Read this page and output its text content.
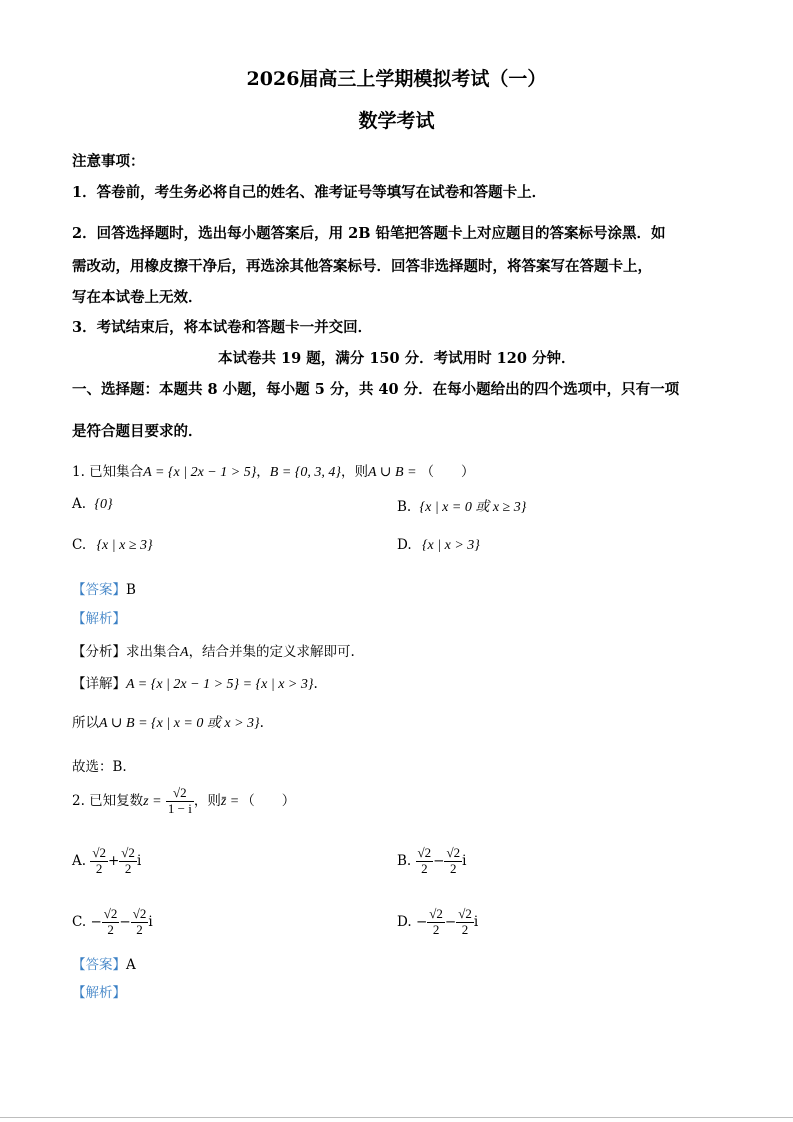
2026届高三上学期模拟考试（一）
数学考试
注意事项：
1．答卷前，考生务必将自己的姓名、准考证号等填写在试卷和答题卡上．
2．回答选择题时，选出每小题答案后，用 2B 铅笔把答题卡上对应题目的答案标号涂黑．如
需改动，用橡皮擦干净后，再选涂其他答案标号．回答非选择题时，将答案写在答题卡上，
写在本试卷上无效．
3．考试结束后，将本试卷和答题卡一并交回．
本试卷共 19 题，满分 150 分．考试用时 120 分钟．
一、选择题：本题共 8 小题，每小题 5 分，共 40 分．在每小题给出的四个选项中，只有一项
是符合题目要求的．
1. 已知集合A = {x | 2x − 1 > 5}，B = {0, 3, 4}，则A ∪ B = （　　）
A. {0}	B. {x | x = 0 或 x ≥ 3}
C. {x | x ≥ 3}	D. {x | x > 3}
【答案】B
【解析】
【分析】求出集合A，结合并集的定义求解即可.
【详解】A = {x | 2x − 1 > 5} = {x | x > 3}.
所以A ∪ B = {x | x = 0 或 x > 3}.
故选：B.
2. 已知复数$z = \frac{√2}{1 - i}$ ，则z̄ = （　　）
A. $\frac{√2}{2} + \frac{√2}{2}$ i	B. $\frac{√2}{2} - \frac{√2}{2}$ i
C. − $\frac{√2}{2} - \frac{√2}{2}$ i	D. − $\frac{√2}{2} - \frac{√2}{2}$ i
【答案】A
【解析】
